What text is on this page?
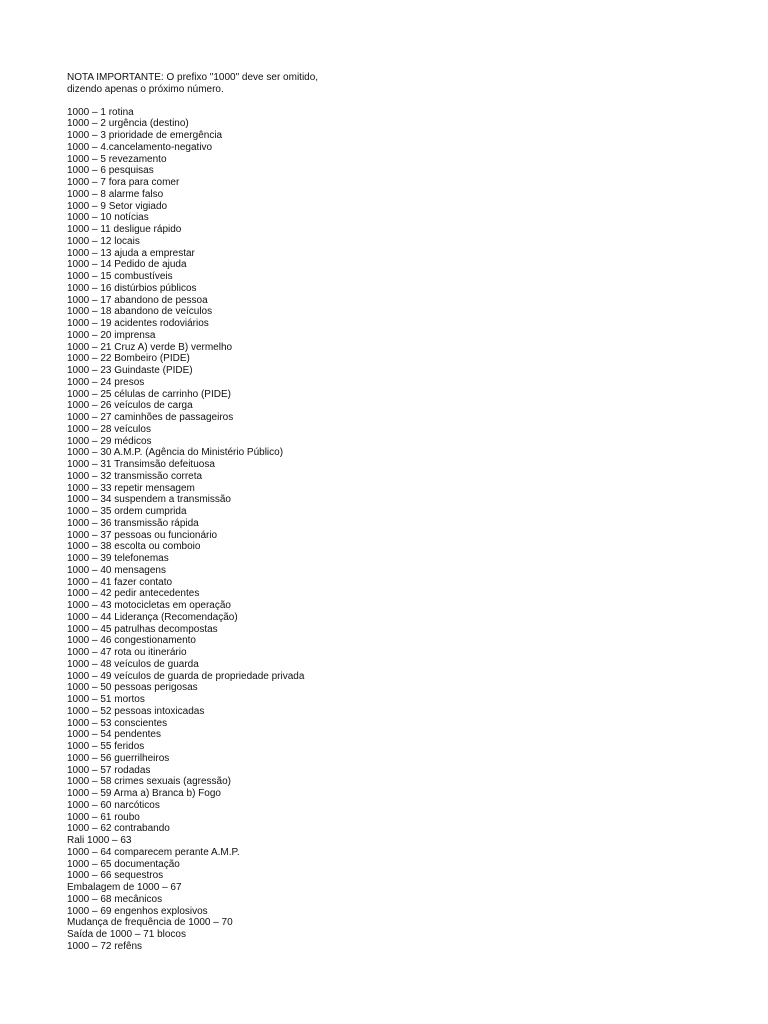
NOTA IMPORTANTE: O prefixo "1000" deve ser omitido,
dizendo apenas o próximo número.
1000 – 1 rotina
1000 – 2 urgência (destino)
1000 – 3 prioridade de emergência
1000 – 4.cancelamento-negativo
1000 – 5 revezamento
1000 – 6 pesquisas
1000 – 7 fora para comer
1000 – 8 alarme falso
1000 – 9 Setor vigiado
1000 – 10 notícias
1000 – 11 desligue rápido
1000 – 12 locais
1000 – 13 ajuda a emprestar
1000 – 14 Pedido de ajuda
1000 – 15 combustíveis
1000 – 16 distúrbios públicos
1000 – 17 abandono de pessoa
1000 – 18 abandono de veículos
1000 – 19 acidentes rodoviários
1000 – 20 imprensa
1000 – 21 Cruz A) verde B) vermelho
1000 – 22 Bombeiro (PIDE)
1000 – 23 Guindaste (PIDE)
1000 – 24 presos
1000 – 25 células de carrinho (PIDE)
1000 – 26 veículos de carga
1000 – 27 caminhões de passageiros
1000 – 28 veículos
1000 – 29 médicos
1000 – 30 A.M.P. (Agência do Ministério Público)
1000 – 31 Transimsão defeituosa
1000 – 32 transmissão correta
1000 – 33 repetir mensagem
1000 – 34 suspendem a transmissão
1000 – 35 ordem cumprida
1000 – 36 transmissão rápida
1000 – 37 pessoas ou funcionário
1000 – 38 escolta ou comboio
1000 – 39 telefonemas
1000 – 40 mensagens
1000 – 41 fazer contato
1000 – 42 pedir antecedentes
1000 – 43 motocicletas em operação
1000 – 44 Liderança (Recomendação)
1000 – 45 patrulhas decompostas
1000 – 46 congestionamento
1000 – 47 rota ou itinerário
1000 – 48 veículos de guarda
1000 – 49 veículos de guarda de propriedade privada
1000 – 50 pessoas perigosas
1000 – 51 mortos
1000 – 52 pessoas intoxicadas
1000 – 53 conscientes
1000 – 54 pendentes
1000 – 55 feridos
1000 – 56 guerrilheiros
1000 – 57 rodadas
1000 – 58 crimes sexuais (agressão)
1000 – 59 Arma a) Branca b) Fogo
1000 – 60 narcóticos
1000 – 61 roubo
1000 – 62 contrabando
Rali 1000 – 63
1000 – 64 comparecem perante A.M.P.
1000 – 65 documentação
1000 – 66 sequestros
Embalagem de 1000 – 67
1000 – 68 mecânicos
1000 – 69 engenhos explosivos
Mudança de frequência de 1000 – 70
Saída de 1000 – 71 blocos
1000 – 72 refêns
